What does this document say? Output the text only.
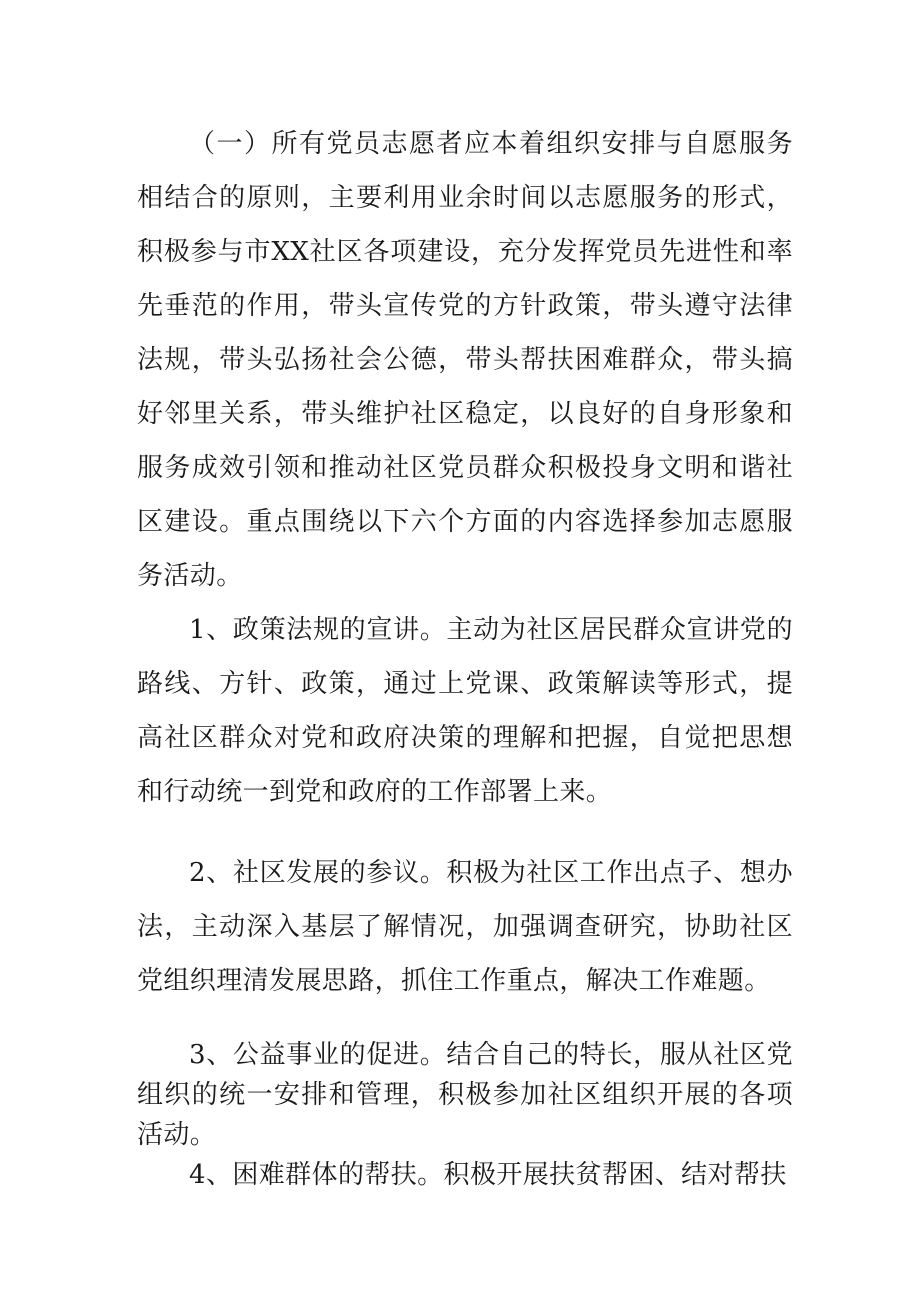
（一）所有党员志愿者应本着组织安排与自愿服务相结合的原则，主要利用业余时间以志愿服务的形式，积极参与市XX社区各项建设，充分发挥党员先进性和率先垂范的作用，带头宣传党的方针政策，带头遵守法律法规，带头弘扬社会公德，带头帮扶困难群众，带头搞好邻里关系，带头维护社区稳定，以良好的自身形象和服务成效引领和推动社区党员群众积极投身文明和谐社区建设。重点围绕以下六个方面的内容选择参加志愿服务活动。

1、政策法规的宣讲。主动为社区居民群众宣讲党的路线、方针、政策，通过上党课、政策解读等形式，提高社区群众对党和政府决策的理解和把握，自觉把思想和行动统一到党和政府的工作部署上来。

2、社区发展的参议。积极为社区工作出点子、想办法，主动深入基层了解情况，加强调查研究，协助社区党组织理清发展思路，抓住工作重点，解决工作难题。

3、公益事业的促进。结合自己的特长，服从社区党组织的统一安排和管理，积极参加社区组织开展的各项活动。

4、困难群体的帮扶。积极开展扶贫帮困、结对帮扶
